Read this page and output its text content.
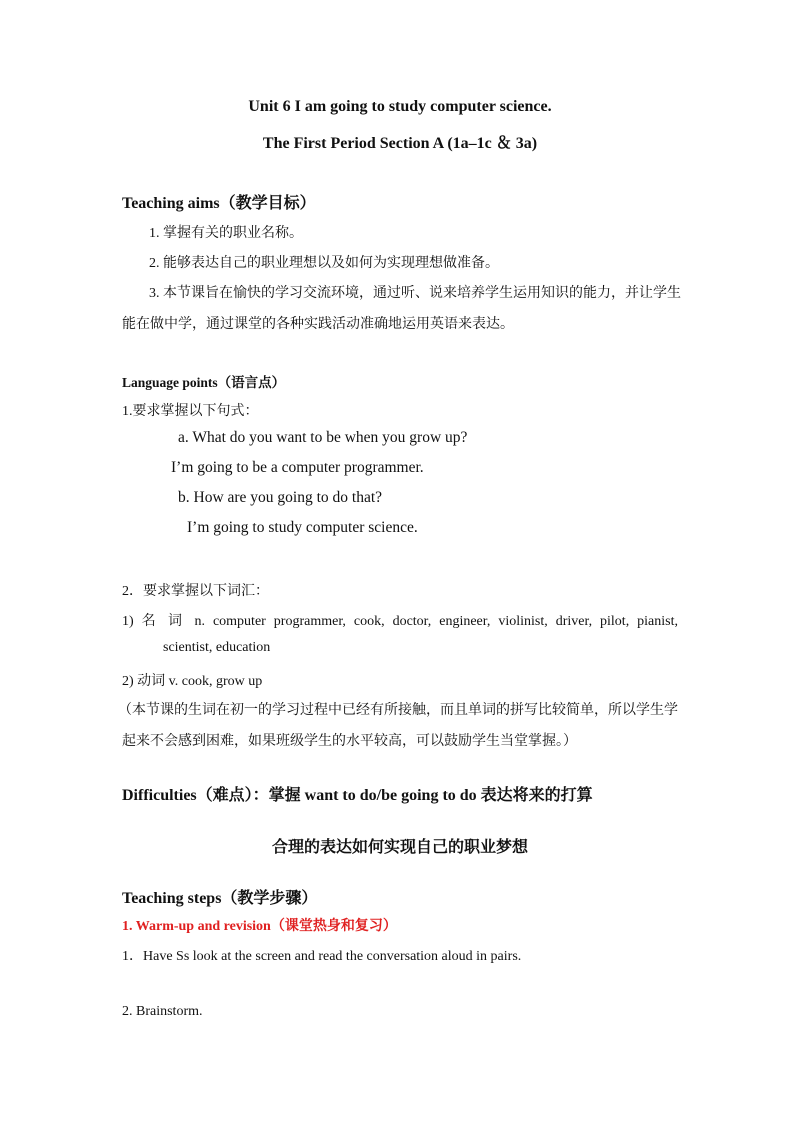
Unit 6 I am going to study computer science.
The First Period Section A (1a–1c ＆ 3a)
Teaching aims（教学目标）
1. 掌握有关的职业名称。
2. 能够表达自己的职业理想以及如何为实现理想做准备。
3. 本节课旨在愉快的学习交流环境，通过听、说来培养学生运用知识的能力，并让学生
能在做中学，通过课堂的各种实践活动准确地运用英语来表达。
Language points（语言点）
1.要求掌握以下句式：
a. What do you want to be when you grow up?
I’m going to be a computer programmer.
b. How are you going to do that?
I’m going to study computer science.
2．要求掌握以下词汇：
1) 名 词 n. computer programmer, cook, doctor, engineer, violinist, driver, pilot, pianist,
scientist, education
2) 动词 v. cook, grow up
（本节课的生词在初一的学习过程中已经有所接触，而且单词的拼写比较简单，所以学生学
起来不会感到困难，如果班级学生的水平较高，可以鼓励学生当堂掌握。）
Difficulties（难点）：掌握 want to do/be going to do 表达将来的打算
合理的表达如何实现自己的职业梦想
Teaching steps（教学步骤）
1. Warm-up and revision（课堂热身和复习）
1．Have Ss look at the screen and read the conversation aloud in pairs.
2. Brainstorm.
